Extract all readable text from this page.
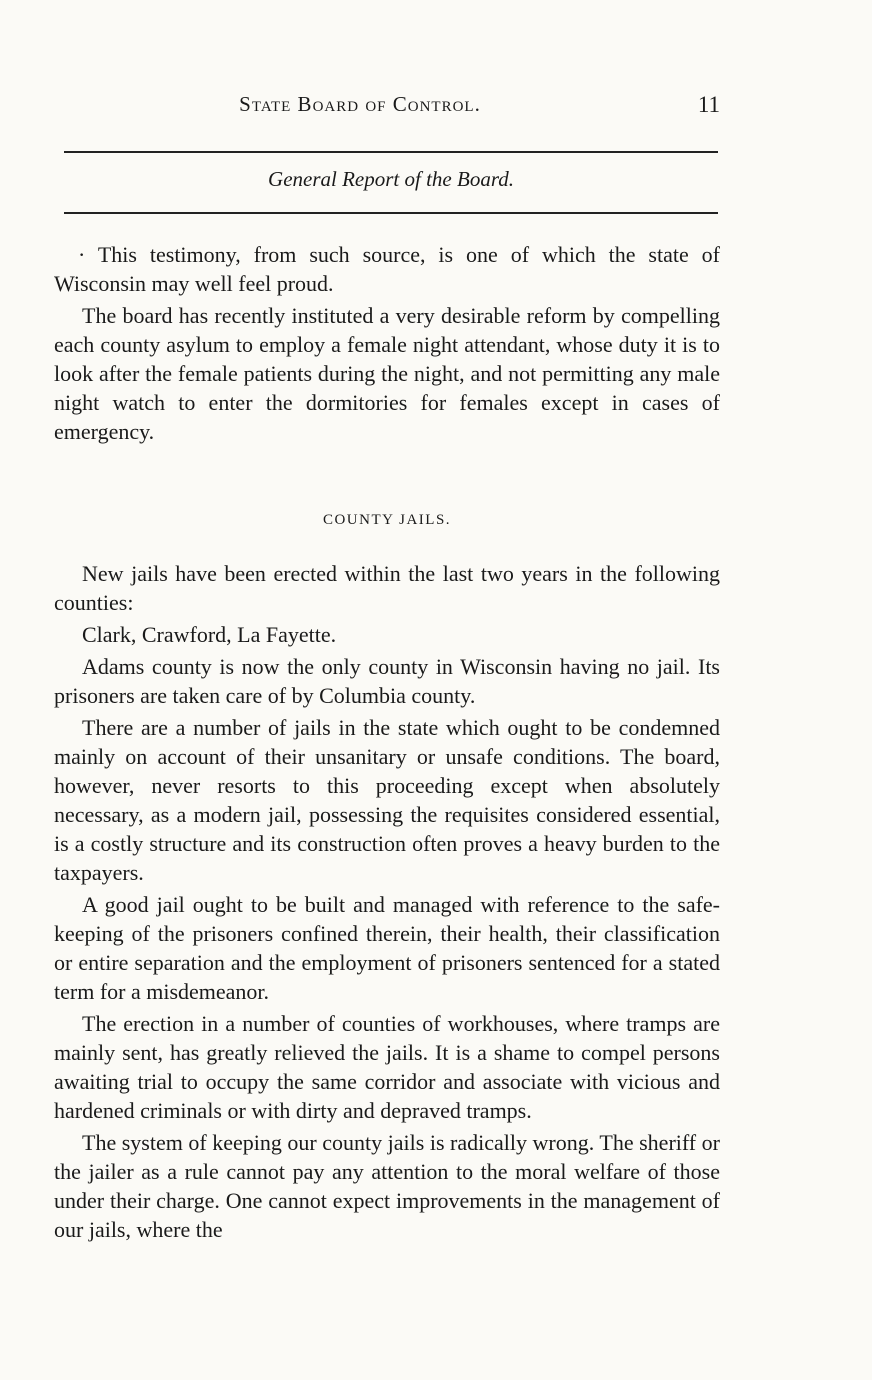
State Board of Control.	11
General Report of the Board.

· This testimony, from such source, is one of which the state of Wisconsin may well feel proud.

The board has recently instituted a very desirable reform by compelling each county asylum to employ a female night attendant, whose duty it is to look after the female patients during the night, and not permitting any male night watch to enter the dormitories for females except in cases of emergency.

COUNTY JAILS.

New jails have been erected within the last two years in the following counties:

Clark, Crawford, La Fayette.

Adams county is now the only county in Wisconsin having no jail. Its prisoners are taken care of by Columbia county.

There are a number of jails in the state which ought to be condemned mainly on account of their unsanitary or unsafe conditions. The board, however, never resorts to this proceeding except when absolutely necessary, as a modern jail, possessing the requisites considered essential, is a costly structure and its construction often proves a heavy burden to the taxpayers.

A good jail ought to be built and managed with reference to the safe-keeping of the prisoners confined therein, their health, their classification or entire separation and the employment of prisoners sentenced for a stated term for a misdemeanor.

The erection in a number of counties of workhouses, where tramps are mainly sent, has greatly relieved the jails. It is a shame to compel persons awaiting trial to occupy the same corridor and associate with vicious and hardened criminals or with dirty and depraved tramps.

The system of keeping our county jails is radically wrong. The sheriff or the jailer as a rule cannot pay any attention to the moral welfare of those under their charge. One cannot expect improvements in the management of our jails, where the
